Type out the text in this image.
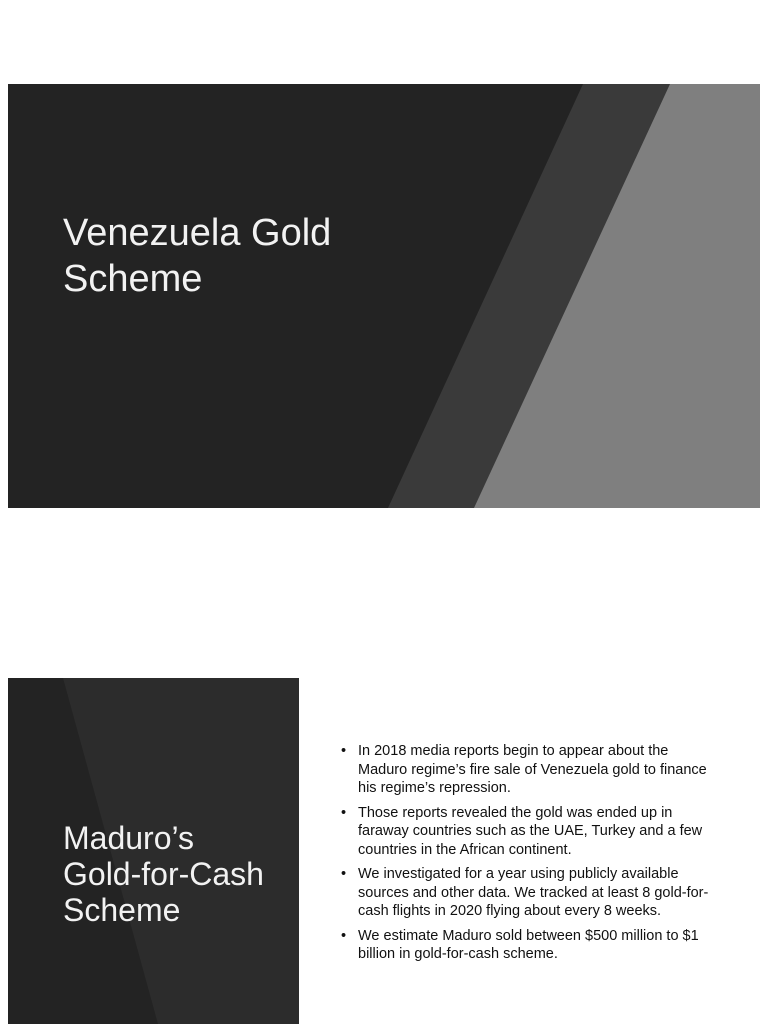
Venezuela Gold
Scheme
Maduro’s
Gold-for-Cash
Scheme
• In 2018 media reports begin to appear about the Maduro regime’s fire sale of Venezuela gold to finance his regime’s repression.
• Those reports revealed the gold was ended up in faraway countries such as the UAE, Turkey and a few countries in the African continent.
• We investigated for a year using publicly available sources and other data. We tracked at least 8 gold-for-cash flights in 2020 flying about every 8 weeks.
• We estimate Maduro sold between $500 million to $1 billion in gold-for-cash scheme.
